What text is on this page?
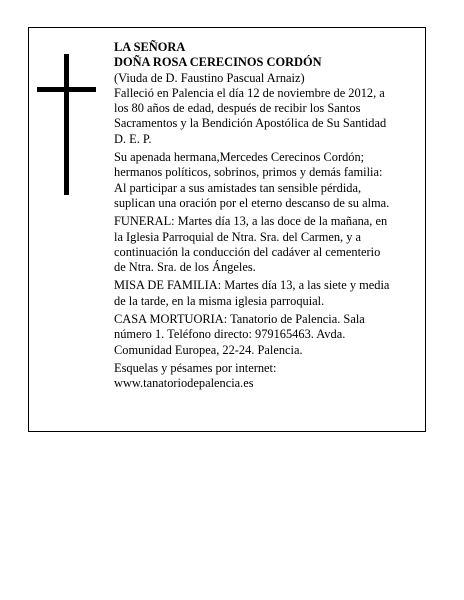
LA SEÑORA
DOÑA ROSA CERECINOS CORDÓN
(Viuda de D. Faustino Pascual Arnaiz)
Falleció en Palencia el día 12 de noviembre de 2012, a
los 80 años de edad, después de recibir los Santos
Sacramentos y la Bendición Apostólica de Su Santidad
D. E. P.
Su apenada hermana,Mercedes Cerecinos Cordón;
hermanos políticos, sobrinos, primos y demás familia:
Al participar a sus amistades tan sensible pérdida,
suplican una oración por el eterno descanso de su alma.
FUNERAL: Martes día 13, a las doce de la mañana, en
la Iglesia Parroquial de Ntra. Sra. del Carmen, y a
continuación la conducción del cadáver al cementerio
de Ntra. Sra. de los Ángeles.
MISA DE FAMILIA: Martes día 13, a las siete y media
de la tarde, en la misma iglesia parroquial.
CASA MORTUORIA: Tanatorio de Palencia. Sala
número 1. Teléfono directo: 979165463. Avda.
Comunidad Europea, 22-24. Palencia.
Esquelas y pésames por internet:
www.tanatoriodepalencia.es
